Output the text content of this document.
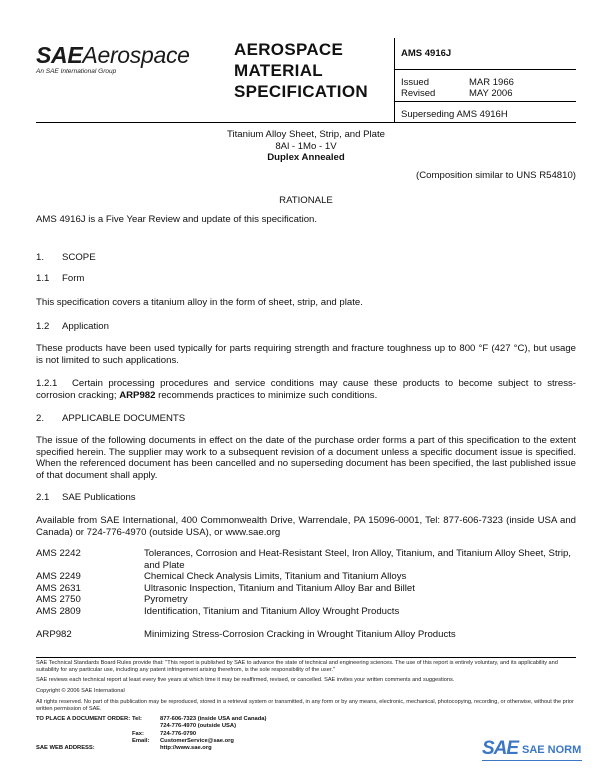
SAEAerospace
An SAE International Group
AEROSPACE
MATERIAL
SPECIFICATION
AMS 4916J
Issued	MAR 1966
Revised	MAY 2006
Superseding AMS 4916H
Titanium Alloy Sheet, Strip, and Plate
8Al - 1Mo - 1V
Duplex Annealed
(Composition similar to UNS R54810)
RATIONALE
AMS 4916J is a Five Year Review and update of this specification.
1. SCOPE
1.1 Form
This specification covers a titanium alloy in the form of sheet, strip, and plate.
1.2 Application
These products have been used typically for parts requiring strength and fracture toughness up to 800 °F (427 °C), but usage is not limited to such applications.
1.2.1 Certain processing procedures and service conditions may cause these products to become subject to stress-corrosion cracking; ARP982 recommends practices to minimize such conditions.
2. APPLICABLE DOCUMENTS
The issue of the following documents in effect on the date of the purchase order forms a part of this specification to the extent specified herein. The supplier may work to a subsequent revision of a document unless a specific document issue is specified. When the referenced document has been cancelled and no superseding document has been specified, the last published issue of that document shall apply.
2.1 SAE Publications
Available from SAE International, 400 Commonwealth Drive, Warrendale, PA 15096-0001, Tel: 877-606-7323 (inside USA and Canada) or 724-776-4970 (outside USA), or www.sae.org
AMS 2242	Tolerances, Corrosion and Heat-Resistant Steel, Iron Alloy, Titanium, and Titanium Alloy Sheet, Strip, and Plate
AMS 2249	Chemical Check Analysis Limits, Titanium and Titanium Alloys
AMS 2631	Ultrasonic Inspection, Titanium and Titanium Alloy Bar and Billet
AMS 2750	Pyrometry
AMS 2809	Identification, Titanium and Titanium Alloy Wrought Products
ARP982	Minimizing Stress-Corrosion Cracking in Wrought Titanium Alloy Products
SAE Technical Standards Board Rules provide that: "This report is published by SAE to advance the state of technical and engineering sciences. The use of this report is entirely voluntary, and its applicability and suitability for any particular use, including any patent infringement arising therefrom, is the sole responsibility of the user."
SAE reviews each technical report at least every five years at which time it may be reaffirmed, revised, or cancelled. SAE invites your written comments and suggestions.
Copyright © 2006 SAE International
All rights reserved. No part of this publication may be reproduced, stored in a retrieval system or transmitted, in any form or by any means, electronic, mechanical, photocopying, recording, or otherwise, without the prior written permission of SAE.
TO PLACE A DOCUMENT ORDER: Tel:	877-606-7323 (inside USA and Canada)
724-776-4970 (outside USA)
Fax:	724-776-0790
Email:	CustomerService@sae.org
SAE WEB ADDRESS:	http://www.sae.org	SAE SAE NORM
